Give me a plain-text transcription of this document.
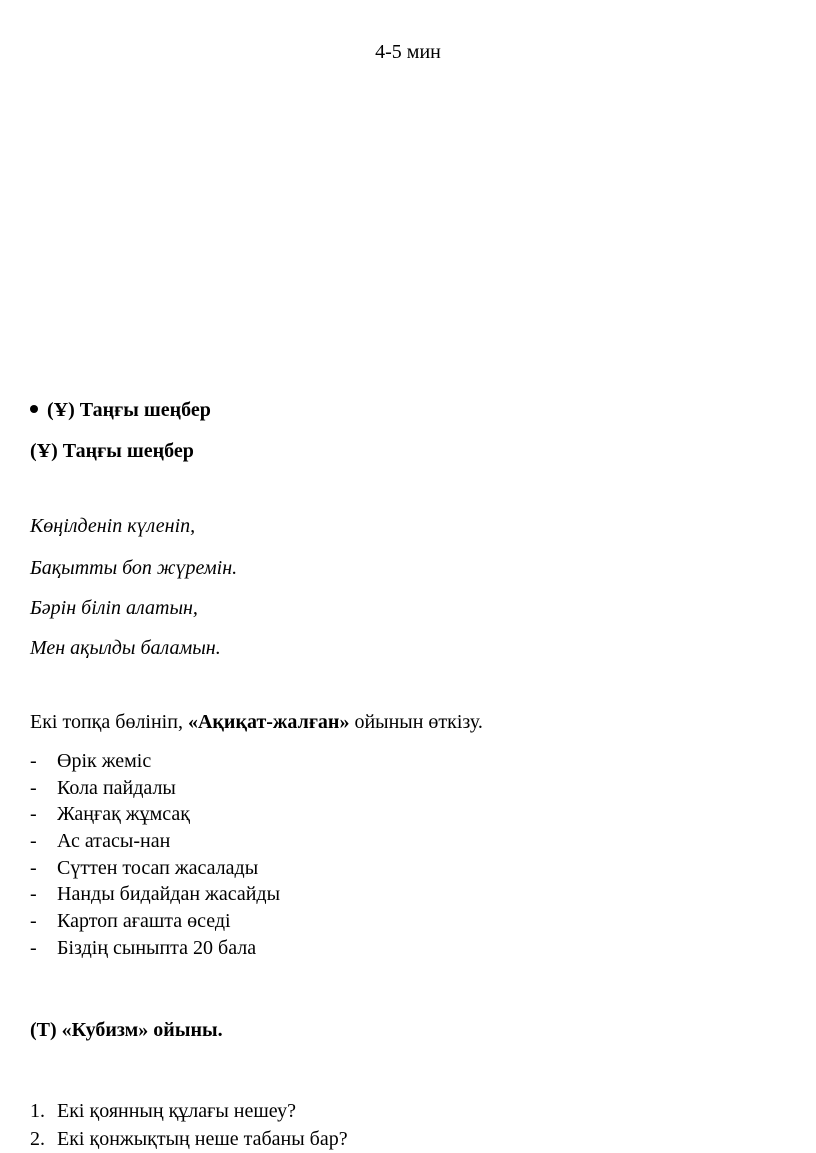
4-5 мин
(Ұ) Таңғы шеңбер
(Ұ) Таңғы шеңбер
Көңілденіп күленіп,
Бақытты боп жүремін.
Бәрін біліп алатын,
Мен ақылды баламын.
Екі топқа бөлініп, «Ақиқат-жалған» ойынын өткізу.
- Өрік жеміс
- Кола пайдалы
- Жаңғақ жұмсақ
- Ас атасы-нан
- Сүттен тосап жасалады
- Нанды бидайдан жасайды
- Картоп ағашта өседі
- Біздің сыныпта 20 бала
(Т) «Кубизм» ойыны.
1. Екі қоянның құлағы нешеу?
2. Екі қонжықтың неше табаны бар?
